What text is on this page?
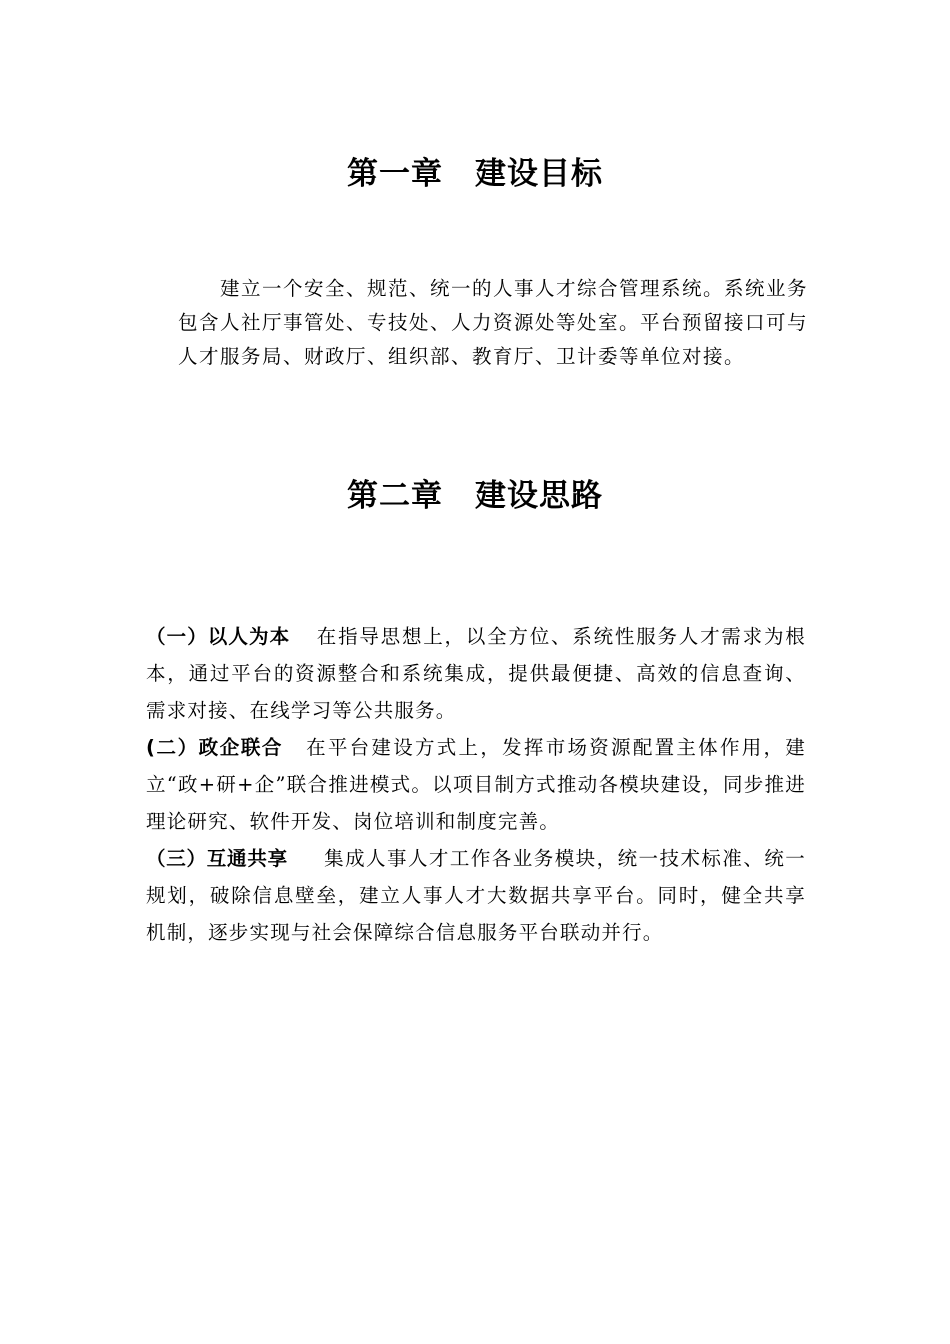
第一章　建设目标

建立一个安全、规范、统一的人事人才综合管理系统。系统业务包含人社厅事管处、专技处、人力资源处等处室。平台预留接口可与人才服务局、财政厅、组织部、教育厅、卫计委等单位对接。

第二章　建设思路

（一）以人为本 在指导思想上，以全方位、系统性服务人才需求为根本，通过平台的资源整合和系统集成，提供最便捷、高效的信息查询、需求对接、在线学习等公共服务。

(二）政企联合 在平台建设方式上，发挥市场资源配置主体作用，建立“政+研+企”联合推进模式。以项目制方式推动各模块建设，同步推进理论研究、软件开发、岗位培训和制度完善。

（三）互通共享 集成人事人才工作各业务模块，统一技术标准、统一规划，破除信息壁垒，建立人事人才大数据共享平台。同时，健全共享机制，逐步实现与社会保障综合信息服务平台联动并行。
